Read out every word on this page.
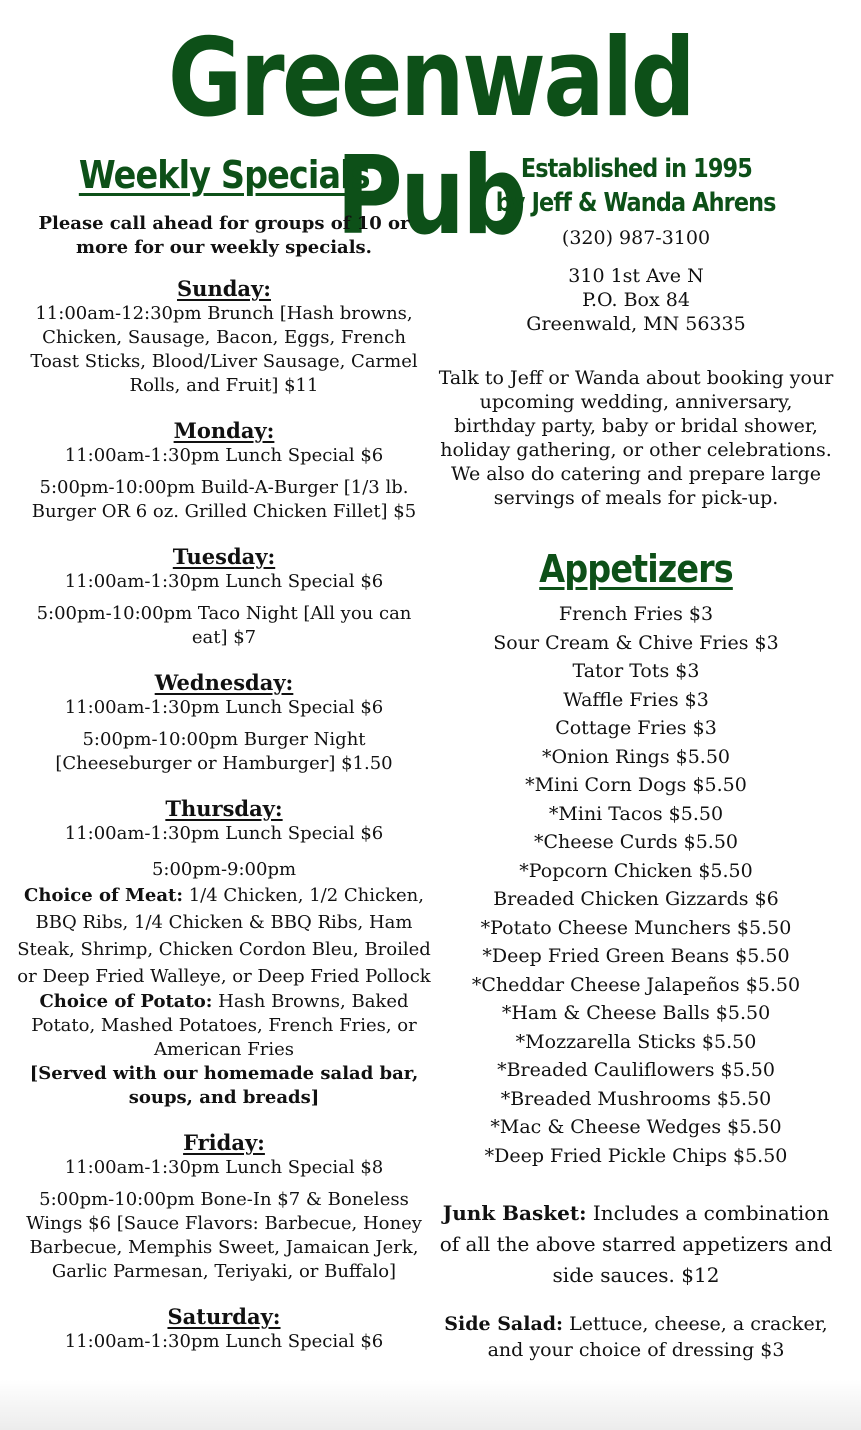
Greenwald Pub
Weekly Specials

Please call ahead for groups of 10 or more for our weekly specials.

Sunday:

11:00am-12:30pm Brunch [Hash browns, Chicken, Sausage, Bacon, Eggs, French Toast Sticks, Blood/Liver Sausage, Carmel Rolls, and Fruit] $11

Monday:

11:00am-1:30pm Lunch Special $6

5:00pm-10:00pm Build-A-Burger [1/3 lb. Burger OR 6 oz. Grilled Chicken Fillet] $5

Tuesday:

11:00am-1:30pm Lunch Special $6

5:00pm-10:00pm Taco Night [All you can eat] $7

Wednesday:

11:00am-1:30pm Lunch Special $6

5:00pm-10:00pm Burger Night [Cheeseburger or Hamburger] $1.50

Thursday:

11:00am-1:30pm Lunch Special $6

5:00pm-9:00pm

Choice of Meat: 1/4 Chicken, 1/2 Chicken, BBQ Ribs, 1/4 Chicken & BBQ Ribs, Ham Steak, Shrimp, Chicken Cordon Bleu, Broiled or Deep Fried Walleye, or Deep Fried Pollock

Choice of Potato: Hash Browns, Baked Potato, Mashed Potatoes, French Fries, or American Fries

[Served with our homemade salad bar, soups, and breads]

Friday:

11:00am-1:30pm Lunch Special $8

5:00pm-10:00pm Bone-In $7 & Boneless Wings $6 [Sauce Flavors: Barbecue, Honey Barbecue, Memphis Sweet, Jamaican Jerk, Garlic Parmesan, Teriyaki, or Buffalo]

Saturday:

11:00am-1:30pm Lunch Special $6

Established in 1995

by Jeff & Wanda Ahrens

(320) 987-3100

310 1st Ave N

P.O. Box 84

Greenwald, MN 56335

Talk to Jeff or Wanda about booking your upcoming wedding, anniversary, birthday party, baby or bridal shower, holiday gathering, or other celebrations. We also do catering and prepare large servings of meals for pick-up.

Appetizers

French Fries $3

Sour Cream & Chive Fries $3

Tator Tots $3

Waffle Fries $3

Cottage Fries $3

*Onion Rings $5.50

*Mini Corn Dogs $5.50

*Mini Tacos $5.50

*Cheese Curds $5.50

*Popcorn Chicken $5.50

Breaded Chicken Gizzards $6

*Potato Cheese Munchers $5.50

*Deep Fried Green Beans $5.50

*Cheddar Cheese Jalapeños $5.50

*Ham & Cheese Balls $5.50

*Mozzarella Sticks $5.50

*Breaded Cauliflowers $5.50

*Breaded Mushrooms $5.50

*Mac & Cheese Wedges $5.50

*Deep Fried Pickle Chips $5.50

Junk Basket: Includes a combination of all the above starred appetizers and side sauces. $12

Side Salad: Lettuce, cheese, a cracker, and your choice of dressing $3
